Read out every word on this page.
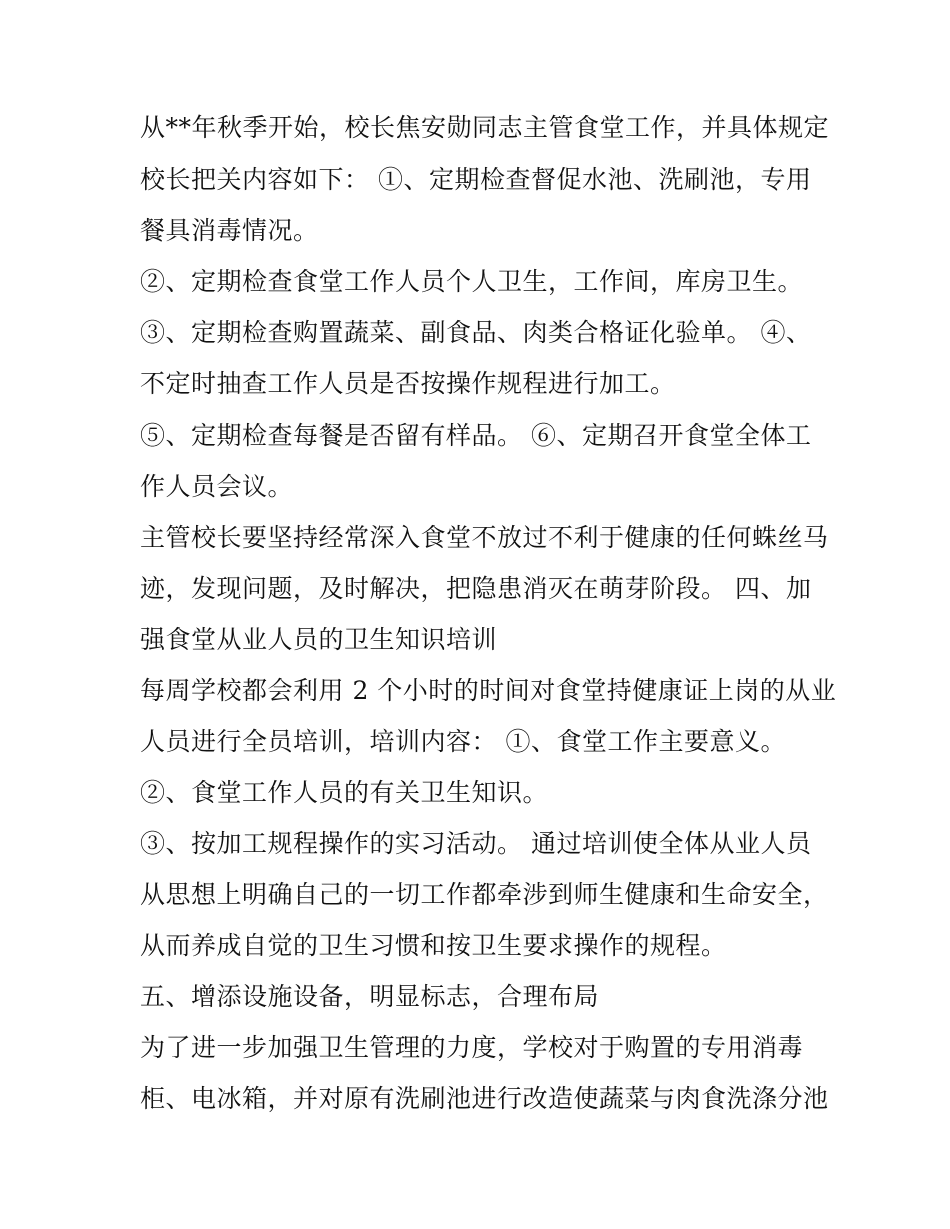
从**年秋季开始，校长焦安勋同志主管食堂工作，并具体规定
校长把关内容如下： ①、定期检查督促水池、洗刷池，专用
餐具消毒情况。
②、定期检查食堂工作人员个人卫生，工作间，库房卫生。
③、定期检查购置蔬菜、副食品、肉类合格证化验单。 ④、
不定时抽查工作人员是否按操作规程进行加工。
⑤、定期检查每餐是否留有样品。 ⑥、定期召开食堂全体工
作人员会议。
主管校长要坚持经常深入食堂不放过不利于健康的任何蛛丝马
迹，发现问题，及时解决，把隐患消灭在萌芽阶段。 四、加
强食堂从业人员的卫生知识培训
每周学校都会利用 2 个小时的时间对食堂持健康证上岗的从业
人员进行全员培训，培训内容： ①、食堂工作主要意义。
②、食堂工作人员的有关卫生知识。
③、按加工规程操作的实习活动。 通过培训使全体从业人员
从思想上明确自己的一切工作都牵涉到师生健康和生命安全，
从而养成自觉的卫生习惯和按卫生要求操作的规程。
五、增添设施设备，明显标志，合理布局
为了进一步加强卫生管理的力度，学校对于购置的专用消毒
柜、电冰箱，并对原有洗刷池进行改造使蔬菜与肉食洗涤分池
